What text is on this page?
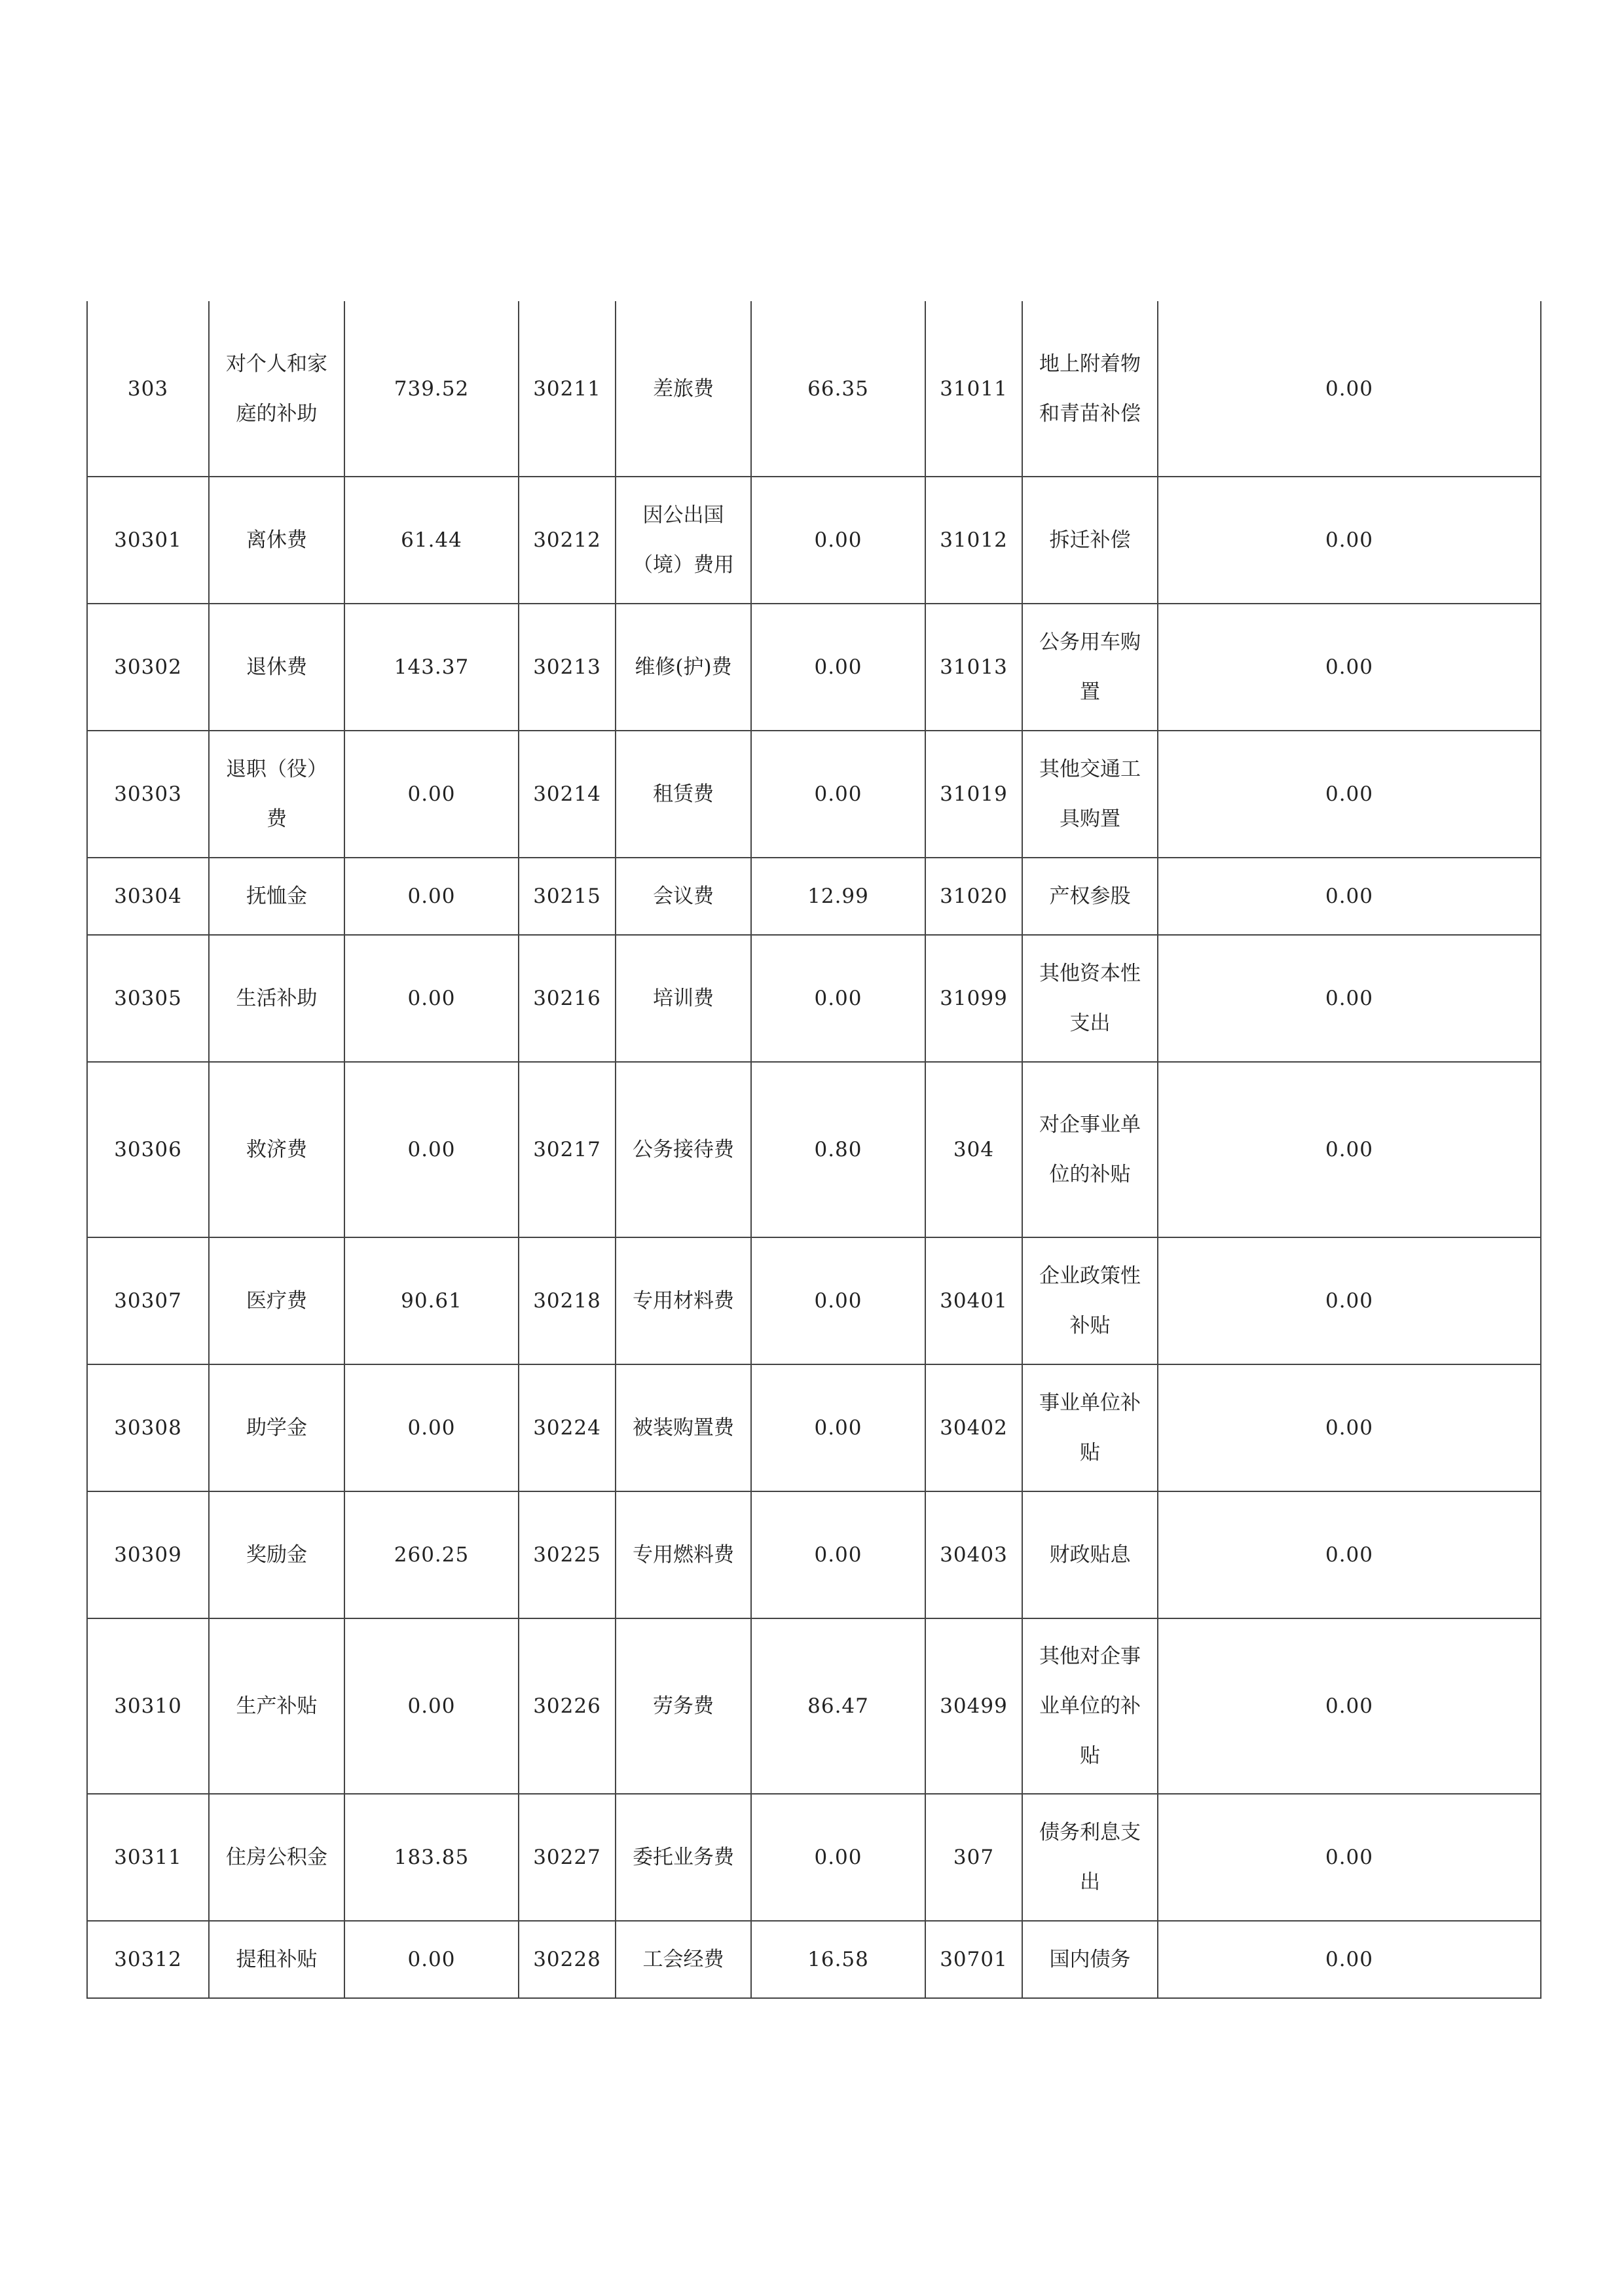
303	对个人和家庭的补助	739.52	30211	差旅费	66.35	31011	地上附着物和青苗补偿	0.00
30301	离休费	61.44	30212	因公出国（境）费用	0.00	31012	拆迁补偿	0.00
30302	退休费	143.37	30213	维修(护)费	0.00	31013	公务用车购置	0.00
30303	退职（役）费	0.00	30214	租赁费	0.00	31019	其他交通工具购置	0.00
30304	抚恤金	0.00	30215	会议费	12.99	31020	产权参股	0.00
30305	生活补助	0.00	30216	培训费	0.00	31099	其他资本性支出	0.00
30306	救济费	0.00	30217	公务接待费	0.80	304	对企事业单位的补贴	0.00
30307	医疗费	90.61	30218	专用材料费	0.00	30401	企业政策性补贴	0.00
30308	助学金	0.00	30224	被装购置费	0.00	30402	事业单位补贴	0.00
30309	奖励金	260.25	30225	专用燃料费	0.00	30403	财政贴息	0.00
30310	生产补贴	0.00	30226	劳务费	86.47	30499	其他对企事业单位的补贴	0.00
30311	住房公积金	183.85	30227	委托业务费	0.00	307	债务利息支出	0.00
30312	提租补贴	0.00	30228	工会经费	16.58	30701	国内债务	0.00
